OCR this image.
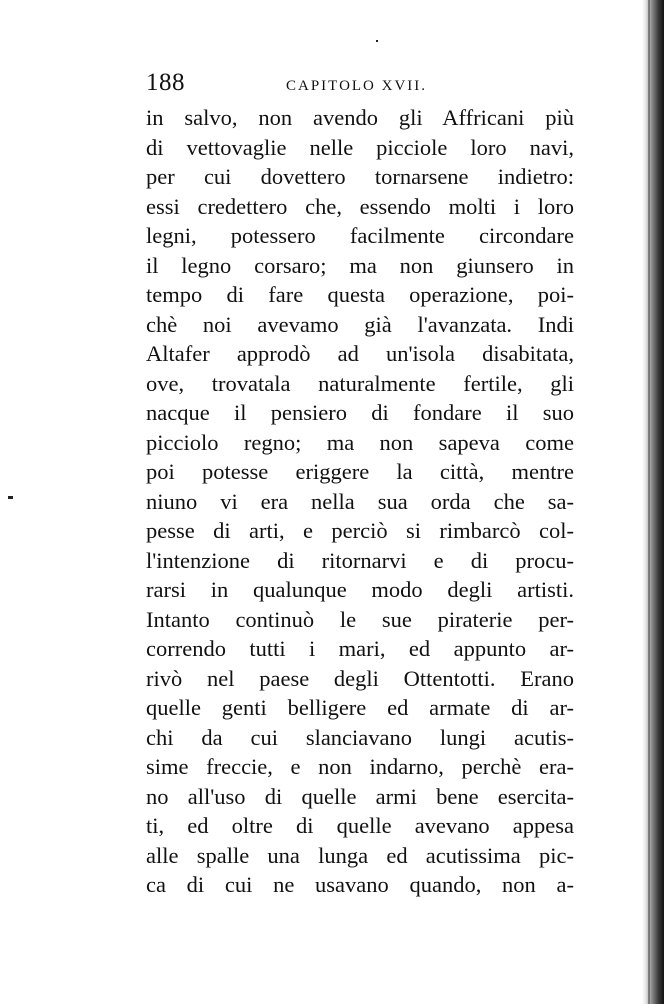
188	CAPITOLO XVII.
in salvo, non avendo gli Affricani più
di vettovaglie nelle picciole loro navi,
per cui dovettero tornarsene indietro:
essi credettero che, essendo molti i loro
legni, potessero facilmente circondare
il legno corsaro; ma non giunsero in
tempo di fare questa operazione, poi-
chè noi avevamo già l'avanzata. Indi
Altafer approdò ad un'isola disabitata,
ove, trovatala naturalmente fertile, gli
nacque il pensiero di fondare il suo
picciolo regno; ma non sapeva come
poi potesse eriggere la città, mentre
niuno vi era nella sua orda che sa-
pesse di arti, e perciò si rimbarcò col-
l'intenzione di ritornarvi e di procu-
rarsi in qualunque modo degli artisti.
Intanto continuò le sue piraterie per-
correndo tutti i mari, ed appunto ar-
rivò nel paese degli Ottentotti. Erano
quelle genti belligere ed armate di ar-
chi da cui slanciavano lungi acutis-
sime freccie, e non indarno, perchè era-
no all'uso di quelle armi bene esercita-
ti, ed oltre di quelle avevano appesa
alle spalle una lunga ed acutissima pic-
ca di cui ne usavano quando, non a-
